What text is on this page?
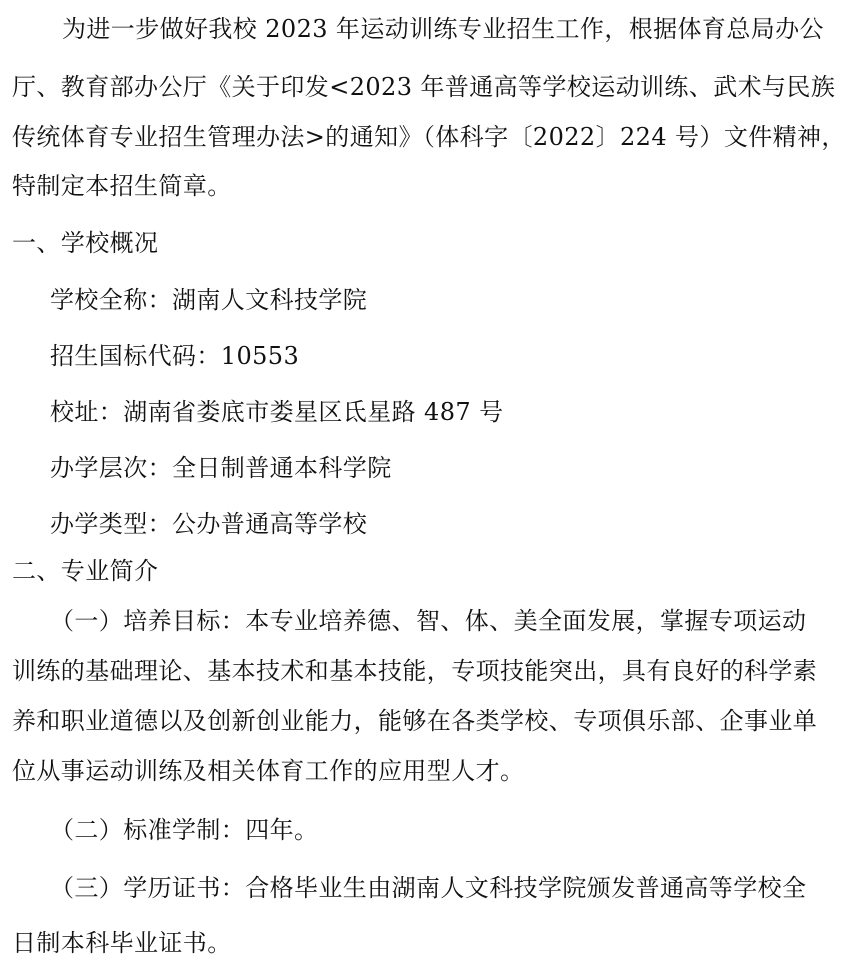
为进一步做好我校 2023 年运动训练专业招生工作，根据体育总局办公
厅、教育部办公厅《关于印发<2023 年普通高等学校运动训练、武术与民族
传统体育专业招生管理办法>的通知》（体科字〔2022〕224 号）文件精神，
特制定本招生简章。
一、学校概况
学校全称：湖南人文科技学院
招生国标代码：10553
校址：湖南省娄底市娄星区氐星路 487 号
办学层次：全日制普通本科学院
办学类型：公办普通高等学校
二、专业简介
（一）培养目标：本专业培养德、智、体、美全面发展，掌握专项运动
训练的基础理论、基本技术和基本技能，专项技能突出，具有良好的科学素
养和职业道德以及创新创业能力，能够在各类学校、专项俱乐部、企事业单
位从事运动训练及相关体育工作的应用型人才。
（二）标准学制：四年。
（三）学历证书：合格毕业生由湖南人文科技学院颁发普通高等学校全
日制本科毕业证书。
